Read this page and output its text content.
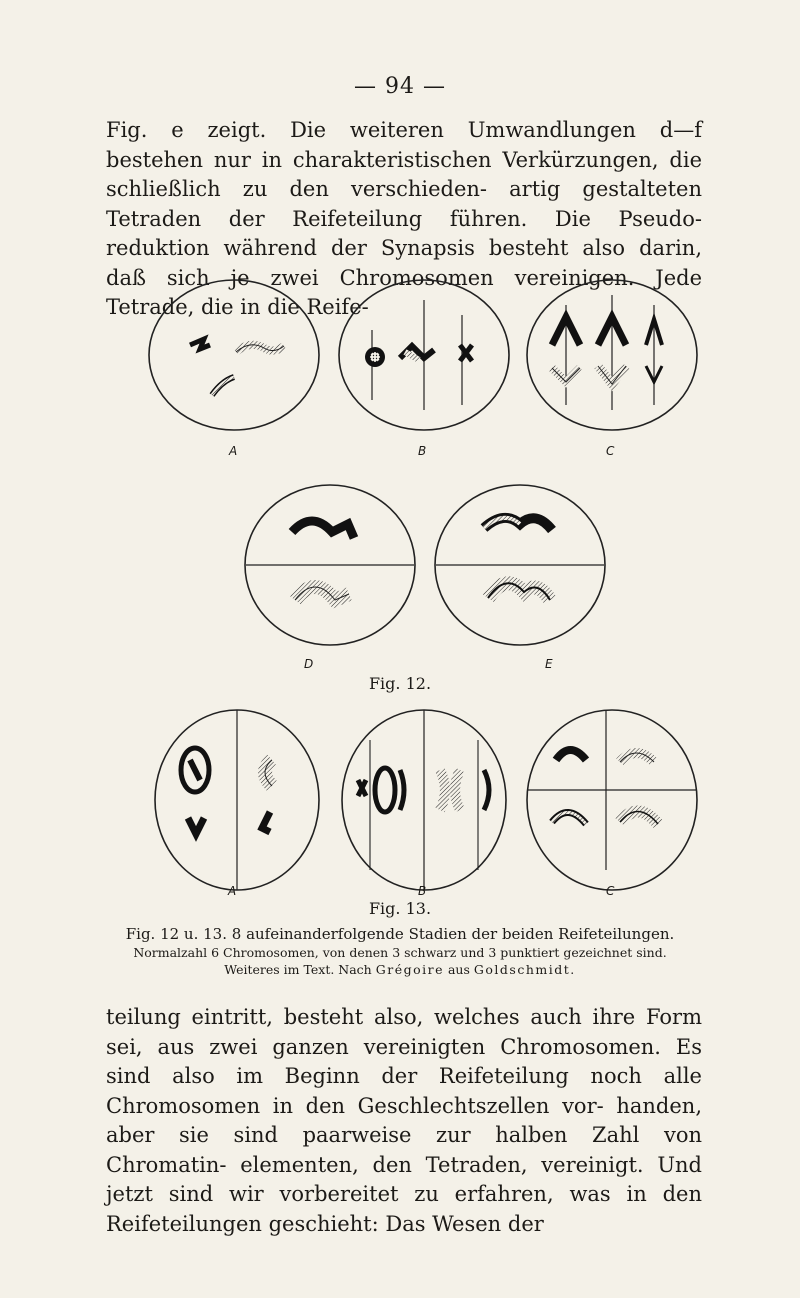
— 94 —

Fig. e zeigt. Die weiteren Umwandlungen d—f bestehen nur in charakteristischen Verkürzungen, die schließlich zu den verschieden- artig gestalteten Tetraden der Reifeteilung führen. Die Pseudo- reduktion während der Synapsis besteht also darin, daß sich je zwei Chromosomen vereinigen. Jede Tetrade, die in die Reife-

A	B	C
D	E
Fig. 12.
A	B	C
Fig. 13.
Fig. 12 u. 13. 8 aufeinanderfolgende Stadien der beiden Reifeteilungen.
Normalzahl 6 Chromosomen, von denen 3 schwarz und 3 punktiert gezeichnet sind.
Weiteres im Text. Nach Grégoire aus Goldschmidt.

teilung eintritt, besteht also, welches auch ihre Form sei, aus zwei ganzen vereinigten Chromosomen. Es sind also im Beginn der Reifeteilung noch alle Chromosomen in den Geschlechtszellen vor- handen, aber sie sind paarweise zur halben Zahl von Chromatin- elementen, den Tetraden, vereinigt. Und jetzt sind wir vorbereitet zu erfahren, was in den Reifeteilungen geschieht: Das Wesen der
